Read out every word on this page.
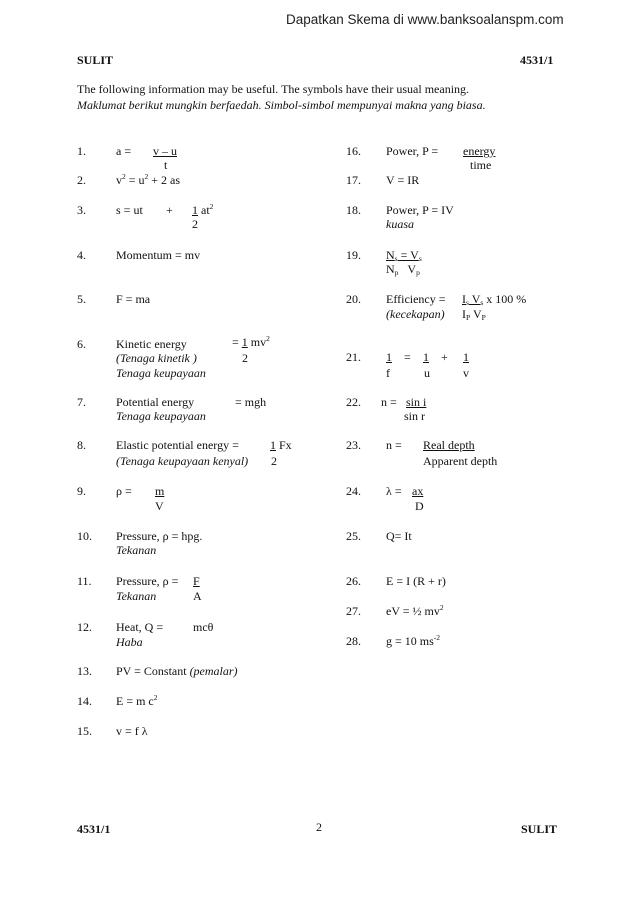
Dapatkan Skema di www.banksoalanspm.com
SULIT	4531/1
The following information may be useful. The symbols have their usual meaning.
Maklumat berikut mungkin berfaedah. Simbol-simbol mempunyai makna yang biasa.
1.	a = v – u
t
2.	$v^2 = u^2 + 2$ as
3.	s = ut + 1 $at^2$
2
4.	Momentum = mv
5.	F = ma
6.	Kinetic energy	= 1 $mv^2$
2
(Tenaga kinetik )
Tenaga keupayaan
7.	Potential energy	= mgh
Tenaga keupayaan
8.	Elastic potential energy =	1 Fx
(Tenaga keupayaan kenyal) 2
9.	ρ = m
V
10. Pressure, ρ = hpg.
Tekanan
11. Pressure, ρ = F
Tekanan	A
12. Heat, Q = mcθ
Haba
13. PV = Constant (pemalar)
14. E = m $c^2$
15. v = f λ
16. Power, P = energy
time
17. V = IR
18. Power, P = IV
kuasa
19. $N_s = V_s$
$N_p$ $V_p$
20. Efficiency = $I_s$ $V_s$ x 100 %
(kecekapan) $I_P$ $V_P$
21. 1 = 1 + 1
f	u	v
22. n = sin i
sin r
23. n = Real depth
Apparent depth
24. λ = ax
D
25. Q= It
26. E = I (R + r)
27. eV = ½ $mv^2$
28. g = 10 $ms^{-2}$
4531/1	2	SULIT
